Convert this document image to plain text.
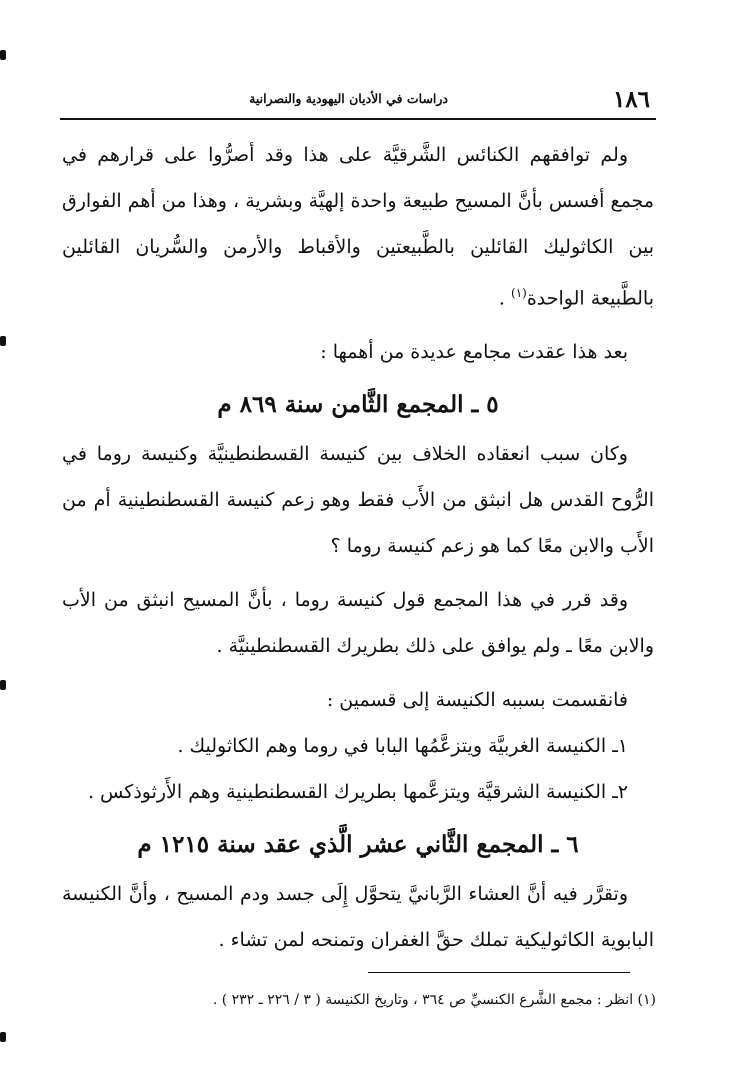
١٨٦
دراسات في الأديان اليهودية والنصرانية

ولم توافقهم الكنائس الشَّرقيَّة على هذا وقد أصرُّوا على قرارهم في مجمع أفسس بأنَّ المسيح طبيعة واحدة إلهيَّة وبشرية ، وهذا من أهم الفوارق بين الكاثوليك القائلين بالطَّبيعتين والأقباط والأرمن والسُّريان القائلين بالطَّبيعة الواحدة$^{(١)}$ .

بعد هذا عقدت مجامع عديدة من أهمها :

٥ ـ المجمع الثَّامن سنة ٨٦٩ م

وكان سبب انعقاده الخلاف بين كنيسة القسطنطينيَّة وكنيسة روما في الرُّوح القدس هل انبثق من الأَب فقط وهو زعم كنيسة القسطنطينية أم من الأَب والابن معًا كما هو زعم كنيسة روما ؟

وقد قرر في هذا المجمع قول كنيسة روما ، بأنَّ المسيح انبثق من الأب والابن معًا ـ ولم يوافق على ذلك بطريرك القسطنطينيَّة .

فانقسمت بسببه الكنيسة إلى قسمين :

١ـ الكنيسة الغربيَّة ويتزعَّمُها البابا في روما وهم الكاثوليك .

٢ـ الكنيسة الشرقيَّة ويتزعَّمها بطريرك القسطنطينية وهم الأَرثوذكس .

٦ ـ المجمع الثَّاني عشر الَّذي عقد سنة ١٢١٥ م

وتقرَّر فيه أنَّ العشاء الرَّبانيَّ يتحوَّل إِلَى جسد ودم المسيح ، وأنَّ الكنيسة البابوية الكاثوليكية تملك حقَّ الغفران وتمنحه لمن تشاء .

(١) انظر : مجمع الشَّرع الكنسيِّ ص ٣٦٤ ، وتاريخ الكنيسة ( ٣ / ٢٢٦ ـ ٢٣٢ ) .
